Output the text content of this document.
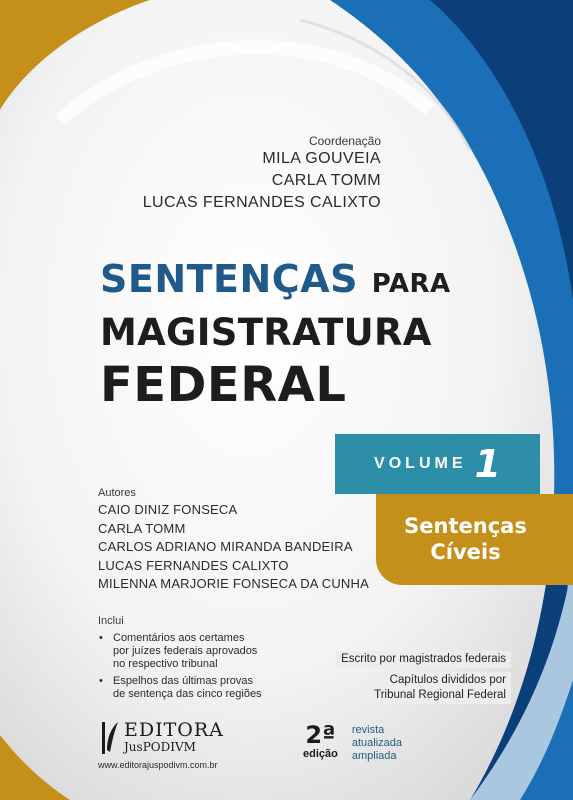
Coordenação
MILA GOUVEIA
CARLA TOMM
LUCAS FERNANDES CALIXTO
SENTENÇAS PARA
MAGISTRATURA
FEDERAL
VOLUME 1
Sentenças
Cíveis
Autores
CAIO DINIZ FONSECA
CARLA TOMM
CARLOS ADRIANO MIRANDA BANDEIRA
LUCAS FERNANDES CALIXTO
MILENNA MARJORIE FONSECA DA CUNHA
Inclui
• Comentários aos certames
por juízes federais aprovados
no respectivo tribunal
• Espelhos das últimas provas
de sentença das cinco regiões
Escrito por magistrados federais

Capítulos divididos por
Tribunal Regional Federal
EDITORA
JusPODIVM
www.editorajuspodivm.com.br
2ª
edição
revista
atualizada
ampliada
